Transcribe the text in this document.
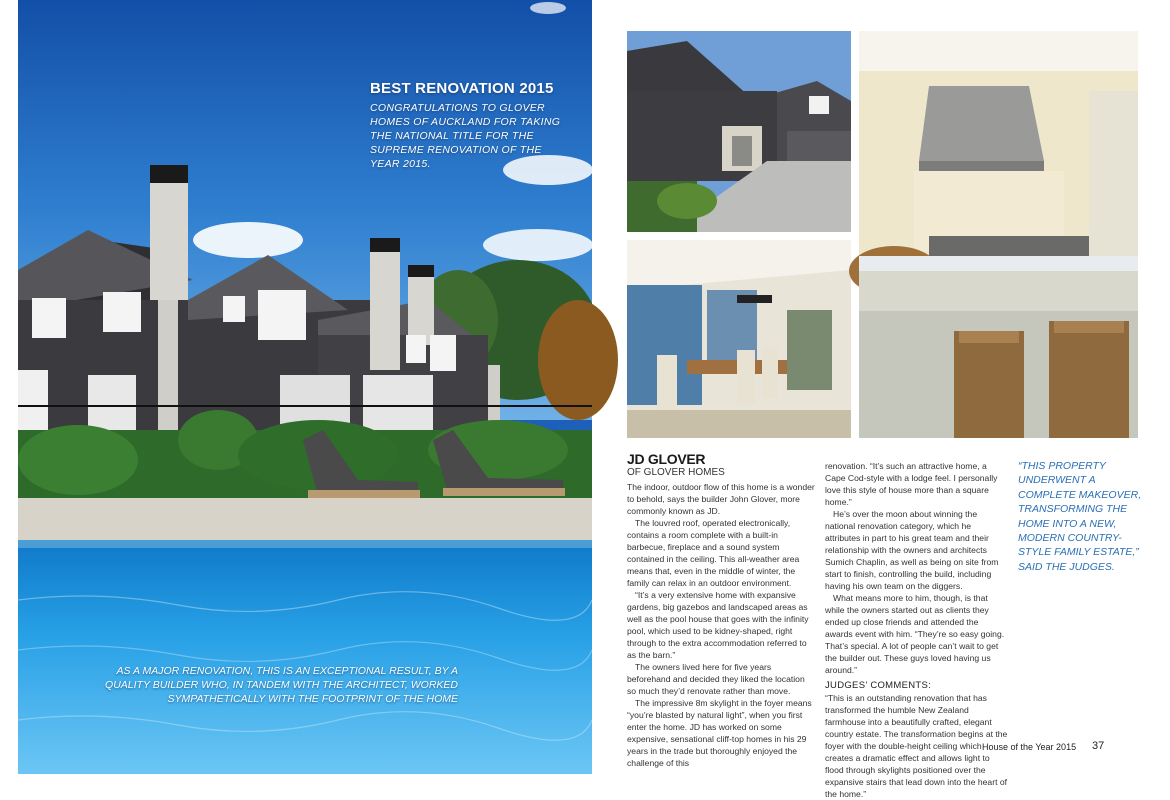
BEST RENOVATION 2015
CONGRATULATIONS TO GLOVER HOMES OF AUCKLAND FOR TAKING THE NATIONAL TITLE FOR THE SUPREME RENOVATION OF THE YEAR 2015.
AS A MAJOR RENOVATION, THIS IS AN EXCEPTIONAL RESULT, BY A QUALITY BUILDER WHO, IN TANDEM WITH THE ARCHITECT, WORKED SYMPATHETICALLY WITH THE FOOTPRINT OF THE HOME
JD GLOVER
OF GLOVER HOMES

The indoor, outdoor flow of this home is a wonder to behold, says the builder John Glover, more commonly known as JD.

The louvred roof, operated electronically, contains a room complete with a built-in barbecue, fireplace and a sound system contained in the ceiling. This all-weather area means that, even in the middle of winter, the family can relax in an outdoor environment.

“It’s a very extensive home with expansive gardens, big gazebos and landscaped areas as well as the pool house that goes with the infinity pool, which used to be kidney-shaped, right through to the extra accommodation referred to as the barn.”

The owners lived here for five years beforehand and decided they liked the location so much they’d renovate rather than move.

The impressive 8m skylight in the foyer means “you’re blasted by natural light”, when you first enter the home. JD has worked on some expensive, sensational cliff-top homes in his 29 years in the trade but thoroughly enjoyed the challenge of this

renovation. “It’s such an attractive home, a Cape Cod-style with a lodge feel. I personally love this style of house more than a square home.”

He’s over the moon about winning the national renovation category, which he attributes in part to his great team and their relationship with the owners and architects Sumich Chaplin, as well as being on site from start to finish, controlling the build, including having his own team on the diggers.

What means more to him, though, is that while the owners started out as clients they ended up close friends and attended the awards event with him. “They’re so easy going. That’s special. A lot of people can’t wait to get the builder out. These guys loved having us around.”

JUDGES’ COMMENTS:

“This is an outstanding renovation that has transformed the humble New Zealand farmhouse into a beautifully crafted, elegant country estate. The transformation begins at the foyer with the double-height ceiling which creates a dramatic effect and allows light to flood through skylights positioned over the expansive stairs that lead down into the heart of the home.”

“THIS PROPERTY UNDERWENT A COMPLETE MAKEOVER, TRANSFORMING THE HOME INTO A NEW, MODERN COUNTRY-STYLE FAMILY ESTATE,” SAID THE JUDGES.
House of the Year 2015 37
